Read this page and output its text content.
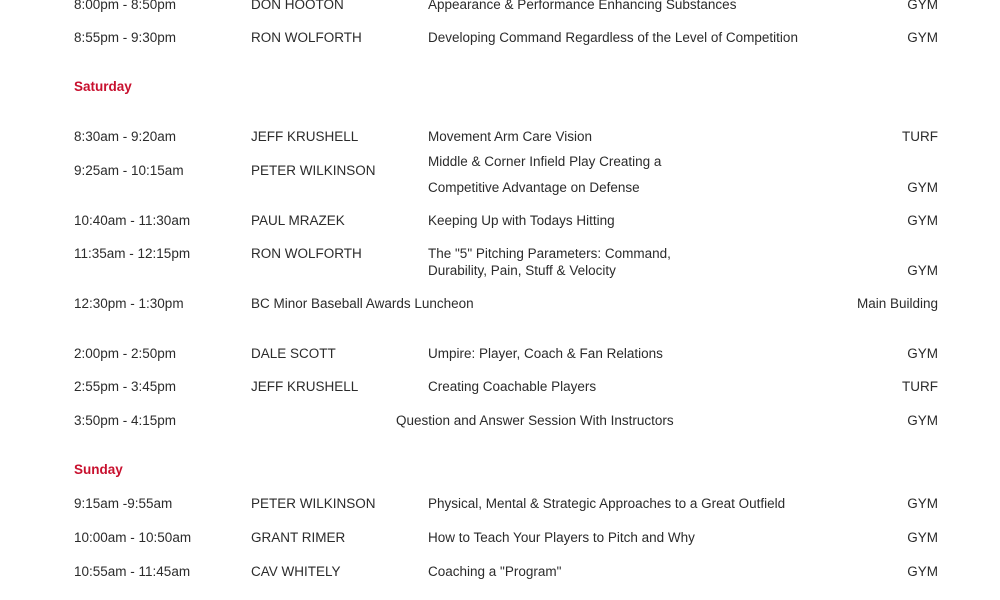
8:00pm - 8:50pm	DON HOOTON	Appearance & Performance Enhancing Substances	GYM
8:55pm - 9:30pm	RON WOLFORTH	Developing Command Regardless of the Level of Competition	GYM
Saturday
8:30am - 9:20am	JEFF KRUSHELL	Movement Arm Care Vision	TURF
9:25am - 10:15am	PETER WILKINSON
Middle & Corner Infield Play Creating a
Competitive Advantage on Defense	GYM
10:40am - 11:30am	PAUL MRAZEK	Keeping Up with Todays Hitting	GYM
11:35am - 12:15pm	RON WOLFORTH	The "5" Pitching Parameters: Command,
Durability, Pain, Stuff & Velocity	GYM
12:30pm - 1:30pm	BC Minor Baseball Awards Luncheon	Main Building
2:00pm - 2:50pm	DALE SCOTT	Umpire: Player, Coach & Fan Relations	GYM
2:55pm - 3:45pm	JEFF KRUSHELL	Creating Coachable Players	TURF
3:50pm - 4:15pm	Question and Answer Session With Instructors	GYM
Sunday
9:15am -9:55am	PETER WILKINSON	Physical, Mental & Strategic Approaches to a Great Outfield	GYM
10:00am - 10:50am	GRANT RIMER	How to Teach Your Players to Pitch and Why	GYM
10:55am - 11:45am	CAV WHITELY	Coaching a "Program"	GYM
